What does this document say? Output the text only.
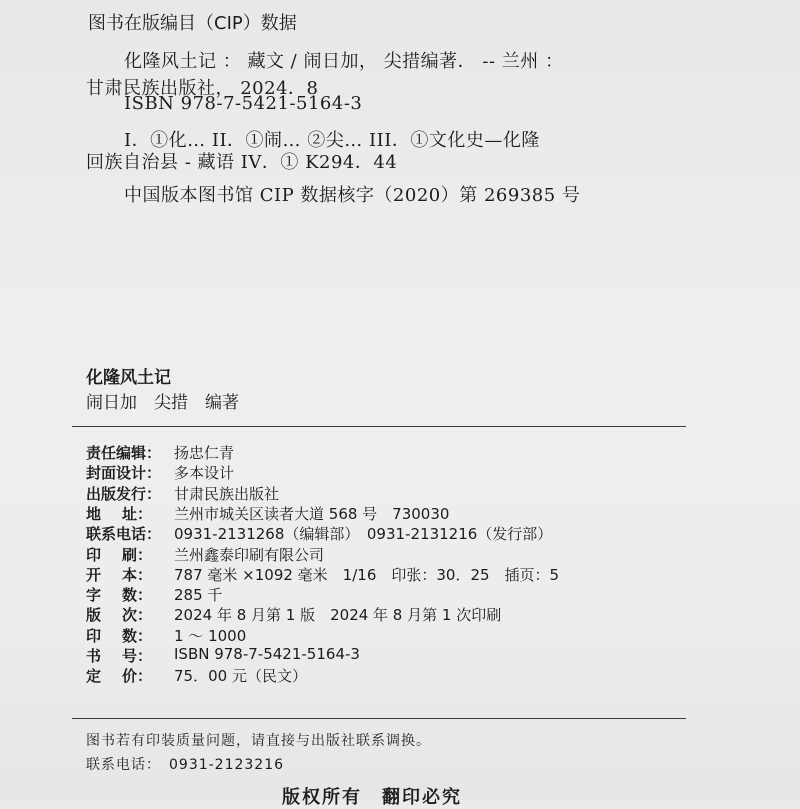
图书在版编目（CIP）数据
化隆风土记 ： 藏文 / 闹日加， 尖措编著． -- 兰州 ：
甘肃民族出版社， 2024．8
ISBN 978-7-5421-5164-3
I．①化… II．①闹… ②尖… III．①文化史—化隆
回族自治县 - 藏语 IV．① K294．44
中国版本图书馆 CIP 数据核字（2020）第 269385 号
化隆风土记
闹日加　尖措　编著
责任编辑： 扬忠仁青
封面设计： 多本设计
出版发行： 甘肃民族出版社
地 址： 兰州市城关区读者大道 568 号　730030
联系电话： 0931-2131268（编辑部）　0931-2131216（发行部）
印 刷： 兰州鑫泰印刷有限公司
开 本： 787 毫米 ×1092 毫米　1/16　印张：30．25　插页：5
字 数： 285 千
版 次： 2024 年 8 月第 1 版　2024 年 8 月第 1 次印刷
印 数： 1 ～ 1000
书 号： ISBN 978-7-5421-5164-3
定 价： 75．00 元（民文）
图书若有印装质量问题，请直接与出版社联系调换。
联系电话：　0931-2123216
版权所有　翻印必究
